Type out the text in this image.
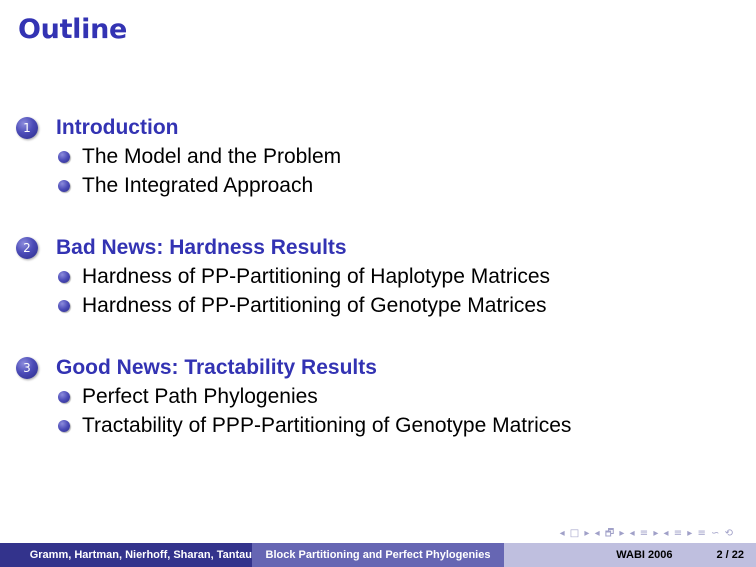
Outline
1	Introduction
The Model and the Problem
The Integrated Approach
2	Bad News: Hardness Results
Hardness of PP-Partitioning of Haplotype Matrices
Hardness of PP-Partitioning of Genotype Matrices
3	Good News: Tractability Results
Perfect Path Phylogenies
Tractability of PPP-Partitioning of Genotype Matrices
◂ □ ▸ ◂ 🗗 ▸ ◂ ≡ ▸ ◂ ≡ ▸ ≡ ∽ ⟲
Gramm, Hartman, Nierhoff, Sharan, Tantau	Block Partitioning and Perfect Phylogenies	WABI 2006	2 / 22
